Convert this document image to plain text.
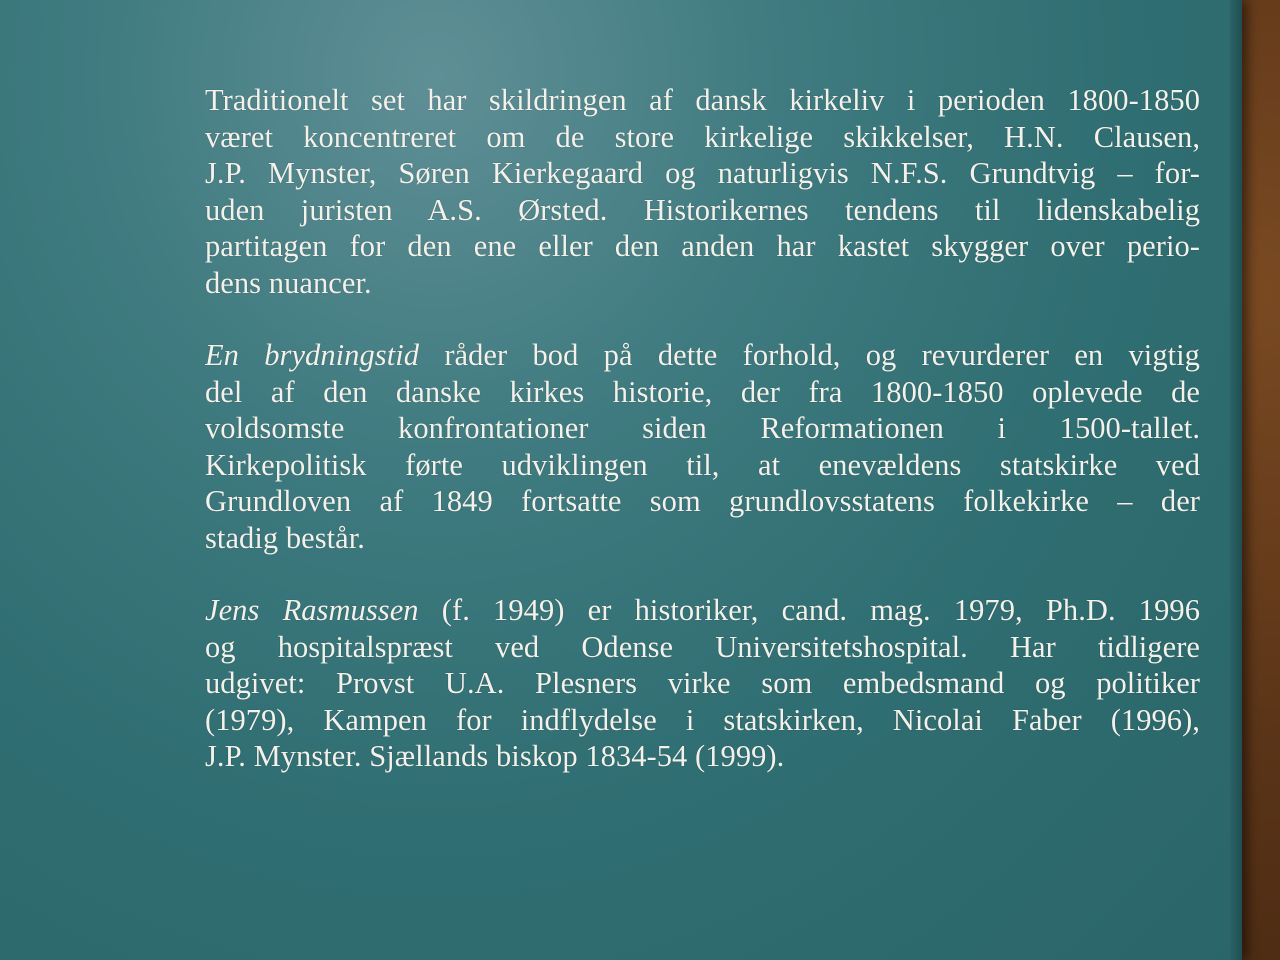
Traditionelt set har skildringen af dansk kirkeliv i perioden 1800-1850
været koncentreret om de store kirkelige skikkelser, H.N. Clausen,
J.P. Mynster, Søren Kierkegaard og naturligvis N.F.S. Grundtvig – for-
uden juristen A.S. Ørsted. Historikernes tendens til lidenskabelig
partitagen for den ene eller den anden har kastet skygger over perio-
dens nuancer.
En brydningstid råder bod på dette forhold, og revurderer en vigtig
del af den danske kirkes historie, der fra 1800-1850 oplevede de
voldsomste konfrontationer siden Reformationen i 1500-tallet.
Kirkepolitisk førte udviklingen til, at enevældens statskirke ved
Grundloven af 1849 fortsatte som grundlovsstatens folkekirke – der
stadig består.
Jens Rasmussen (f. 1949) er historiker, cand. mag. 1979, Ph.D. 1996
og hospitalspræst ved Odense Universitetshospital. Har tidligere
udgivet: Provst U.A. Plesners virke som embedsmand og politiker
(1979), Kampen for indflydelse i statskirken, Nicolai Faber (1996),
J.P. Mynster. Sjællands biskop 1834-54 (1999).
